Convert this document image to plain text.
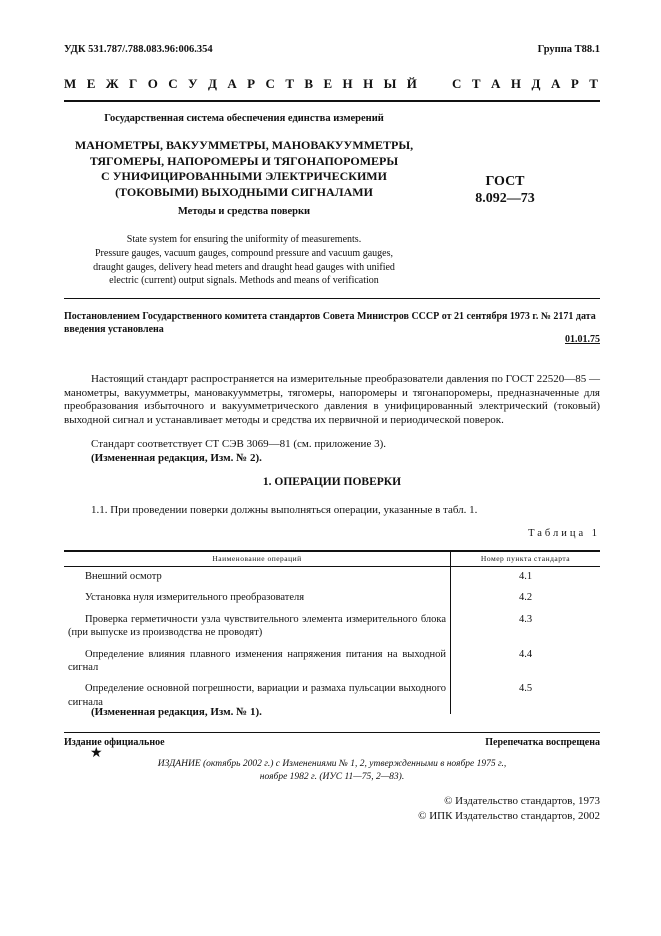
УДК 531.787/.788.083.96:006.354	Группа Т88.1
М Е Ж Г О С У Д А Р С Т В Е Н Н Ы Й	С Т А Н Д А Р Т
Государственная система обеспечения единства измерений
МАНОМЕТРЫ, ВАКУУММЕТРЫ, МАНОВАКУУММЕТРЫ,
ТЯГОМЕРЫ, НАПОРОМЕРЫ И ТЯГОНАПОРОМЕРЫ
С УНИФИЦИРОВАННЫМИ ЭЛЕКТРИЧЕСКИМИ
(ТОКОВЫМИ) ВЫХОДНЫМИ СИГНАЛАМИ
Методы и средства поверки
State system for ensuring the uniformity of measurements.
Pressure gauges, vacuum gauges, compound pressure and vacuum gauges,
draught gauges, delivery head meters and draught head gauges with unified
electric (current) output signals. Methods and means of verification
ГОСТ
8.092—73
Постановлением Государственного комитета стандартов Совета Министров СССР от 21 сентября 1973 г. № 2171 дата введения установлена
01.01.75
Настоящий стандарт распространяется на измерительные преобразователи давления по ГОСТ 22520—85 — манометры, вакуумметры, мановакуумметры, тягомеры, напоромеры и тягонапоромеры, предназначенные для преобразования избыточного и вакуумметрического давления в унифицированный электрический (токовый) выходной сигнал и устанавливает методы и средства их первичной и периодической поверок.
Стандарт соответствует СТ СЭВ 3069—81 (см. приложение 3).
(Измененная редакция, Изм. № 2).
1. ОПЕРАЦИИ ПОВЕРКИ
1.1. При проведении поверки должны выполняться операции, указанные в табл. 1.
Таблица 1
Наименование операций	Номер пункта стандарта

Внешний осмотр	4.1

Установка нуля измерительного преобразователя	4.2

Проверка герметичности узла чувствительного элемента измерительного блока (при выпуске из производства не проводят)	4.3

Определение влияния плавного изменения напряжения питания на выходной сигнал	4.4

Определение основной погрешности, вариации и размаха пульсации выходного сигнала	4.5
(Измененная редакция, Изм. № 1).
Издание официальное	Перепечатка воспрещена
★
ИЗДАНИЕ (октябрь 2002 г.) с Изменениями № 1, 2, утвержденными в ноябре 1975 г.,
ноябре 1982 г. (ИУС 11—75, 2—83).
© Издательство стандартов, 1973
© ИПК Издательство стандартов, 2002
